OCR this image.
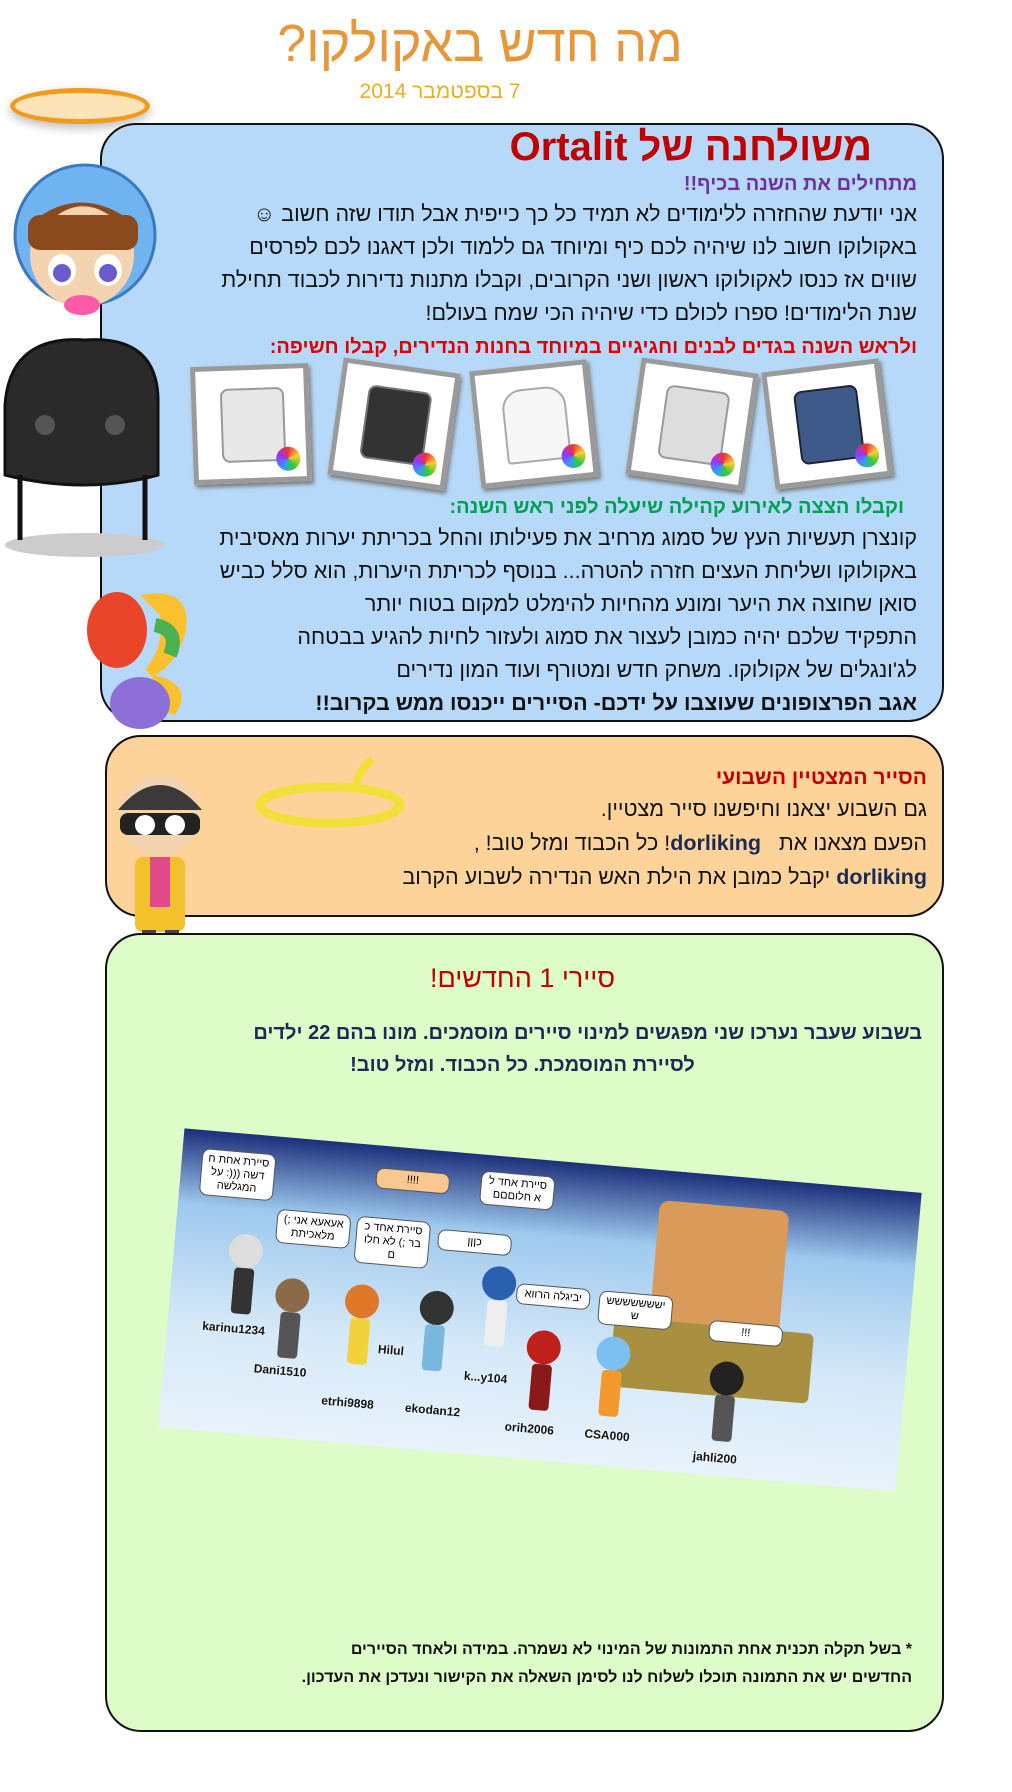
מה חדש באקולקו?
7 בספטמבר 2014
משולחנה של Ortalit
מתחילים את השנה בכיף!!
אני יודעת שהחזרה ללימודים לא תמיד כל כך כייפית אבל תודו שזה חשוב ☺
באקולוקו חשוב לנו שיהיה לכם כיף ומיוחד גם ללמוד ולכן דאגנו לכם לפרסים
שווים אז כנסו לאקולוקו ראשון ושני הקרובים, וקבלו מתנות נדירות לכבוד תחילת
שנת הלימודים! ספרו לכולם כדי שיהיה הכי שמח בעולם!
ולראש השנה בגדים לבנים וחגיגיים במיוחד בחנות הנדירים, קבלו חשיפה:
וקבלו הצצה לאירוע קהילה שיעלה לפני ראש השנה:
קונצרן תעשיות העץ של סמוג מרחיב את פעילותו והחל בכריתת יערות מאסיבית
באקולוקו ושליחת העצים חזרה להטרה... בנוסף לכריתת היערות, הוא סלל כביש
סואן שחוצה את היער ומונע מהחיות להימלט למקום בטוח יותר
התפקיד שלכם יהיה כמובן לעצור את סמוג ולעזור לחיות להגיע בבטחה
לג'ונגלים של אקולוקו. משחק חדש ומטורף ועוד המון נדירים
אגב הפרצופונים שעוצבו על ידכם- הסיירים ייכנסו ממש בקרוב!!
הסייר המצטיין השבועי
גם השבוע יצאנו וחיפשנו סייר מצטיין.
הפעם מצאנו את   dorliking! כל הכבוד ומזל טוב! ,
dorliking יקבל כמובן את הילת האש הנדירה לשבוע הקרוב
סיירי 1 החדשים!
בשבוע שעבר נערכו שני מפגשים למינוי סיירים מוסמכים. מונו בהם 22 ילדים
לסיירת המוסמכת. כל הכבוד. ומזל טוב!
סיירת אחת חדשה (((: על המגלשה
אעאעא אני ;) מלאכיתת	סיירת אחד כבר ;) לא חלום
!!!!
כןןן
סיירת אחד לא חלוםםם
יביגלה הרווא	ישששששששש
!!!
karinu1234
Dani1510
etrhi9898
Hilul
ekodan12
k...y104
orih2006 CSA000
jahli200
* בשל תקלה תכנית אחת התמונות של המינוי לא נשמרה. במידה ולאחד הסיירים
החדשים יש את התמונה תוכלו לשלוח לנו לסימן השאלה את הקישור ונעדכן את העדכון.
